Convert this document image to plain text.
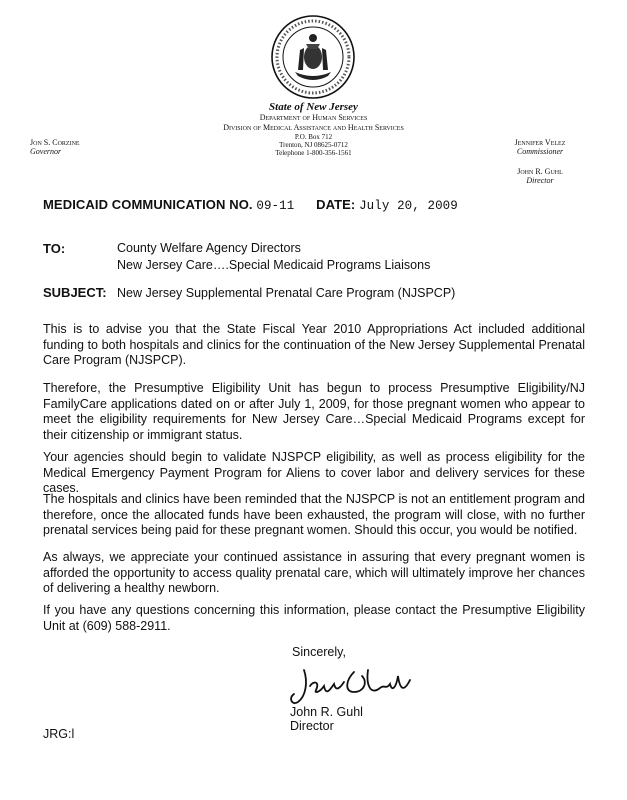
State of New Jersey
Department of Human Services
Division of Medical Assistance and Health Services
P.O. Box 712
Trenton, NJ 08625-0712
Telephone 1-800-356-1561
Jon S. Corzine
Governor
Jennifer Velez
Commissioner
John R. Guhl
Director
MEDICAID COMMUNICATION NO. 09-11 DATE: July 20, 2009
TO:	County Welfare Agency Directors
New Jersey Care….Special Medicaid Programs Liaisons
SUBJECT: New Jersey Supplemental Prenatal Care Program (NJSPCP)
This is to advise you that the State Fiscal Year 2010 Appropriations Act included additional funding to both hospitals and clinics for the continuation of the New Jersey Supplemental Prenatal Care Program (NJSPCP).
Therefore, the Presumptive Eligibility Unit has begun to process Presumptive Eligibility/NJ FamilyCare applications dated on or after July 1, 2009, for those pregnant women who appear to meet the eligibility requirements for New Jersey Care…Special Medicaid Programs except for their citizenship or immigrant status.
Your agencies should begin to validate NJSPCP eligibility, as well as process eligibility for the Medical Emergency Payment Program for Aliens to cover labor and delivery services for these cases.
The hospitals and clinics have been reminded that the NJSPCP is not an entitlement program and therefore, once the allocated funds have been exhausted, the program will close, with no further prenatal services being paid for these pregnant women. Should this occur, you would be notified.
As always, we appreciate your continued assistance in assuring that every pregnant women is afforded the opportunity to access quality prenatal care, which will ultimately improve her chances of delivering a healthy newborn.
If you have any questions concerning this information, please contact the Presumptive Eligibility Unit at (609) 588-2911.
Sincerely,
John R. Guhl
Director
JRG:l
